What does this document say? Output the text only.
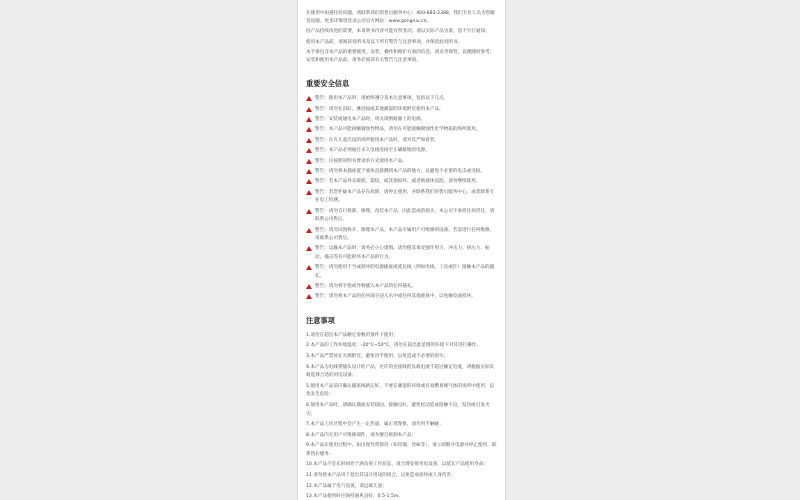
在使用中如遇任何问题，请联系我们的售后服务中心：400-883-2388，我们专业人员为您解答问题。更多详情请登录公司官方网站：www.gongniu.cn。

因产品持续改进的需要，本说明书内容可能有所变动，请以实际产品为准，恕不另行通知。

使用本产品前，请阅读说明书及以下所有警告与注意事项，并保留此说明书。

本手册包含本产品的重要使用，安装，操作和维护方面的信息，请妥善保管，以便随时参考；安装和使用本产品前，请务必阅读有关警告与注意事项。

重要安全信息
警告：使用本产品时，请始终遵守基本注意事项，包括以下几点。
警告：请勿在浴缸、淋浴间或其他潮湿的环境附近使用本产品。
警告：安装或通电本产品时，请关闭断路器上的电源。
警告：本产品可能接触腐蚀性物品，请勿在可能接触腐蚀性化学物质的场所使用。
警告：在有儿童出没的场所使用本产品时，请对其严加看管。
警告：本产品必须通过永久电线连接至正确接地的电源。
警告：仅按照说明书要求的方式使用本产品。
警告：请勿将本插座置于液体直接溅到本产品的地方，以避免不必要的电击或受损。
警告：若本产品外壳破损、裂纹、或其他损坏、或者被液体浸泡，请勿继续使用。
警告：若您怀疑本产品存在故障，请停止使用，并联系我们的售后服务中心，或者联系专业电工检测。
警告：请勿自行拆卸、修理、改装本产品，因此造成的损失，本公司不承担任何责任，请联系公司售后。
警告：请勿试图拆开、修理本产品。本产品不属用户可维修的设备。若需进行任何维修，请联系公司售后。
警告：运输本产品时，请务必小心谨慎。请勿使其承受强作用力、冲击力、挤压力、振动、撞击等有可能损坏本产品的行为。
警告：请勿使用不当或损坏的电源插座或延长线（例如电线、工具或针）接触本产品的插孔。
警告：请勿将手指或异物插入本产品的任何插孔。
警告：请勿将本产品的任何部分浸入水中或任何其他液体中，以免触电或损坏。
注意事项
1.请勿在超出本产品额定参数的条件下使用；
2.本产品的工作环境温度：-20°C~50°C，请勿在超出此范围的环境下对其进行操作。
3.本产品严禁放在火源附近，避免用手使用，以免造成不必要的损失；
4.本产品为电线带插头设计的产品，允许的连接线的负载电流不超过额定电流，请根据实际负载选择合适的用电设备；
5.使用本产品前应确认插座线路完好，不要在潮湿的环境或有易燃易爆气体的场所中使用，以免发生危险；
6.使用本产品时，请确认插座安装稳固，接触良好，避免松动造成接触不良，发热或引发火灾；
7.本产品工作过程中会产生一定热量，属正常现象，请勿用手触碰；
8.本产品内无用户可维修部件，请勿擅自拆卸本产品；
9.本产品在使用过程中，如出现异常情况（如冒烟、异味等），请立即断开电源并停止使用，联系售后服务；
10.本产品不宜长时间处于满负荷工作状态，请合理安排用电设备，以延长产品使用寿命；
11.请勿将本产品用于超出其设计用途的场合，以免造成损坏或人身伤害；
12.本产品属于电气设备，请远离儿童；
13.本产品使用时应保持通风良好，0.5-1.5m。
